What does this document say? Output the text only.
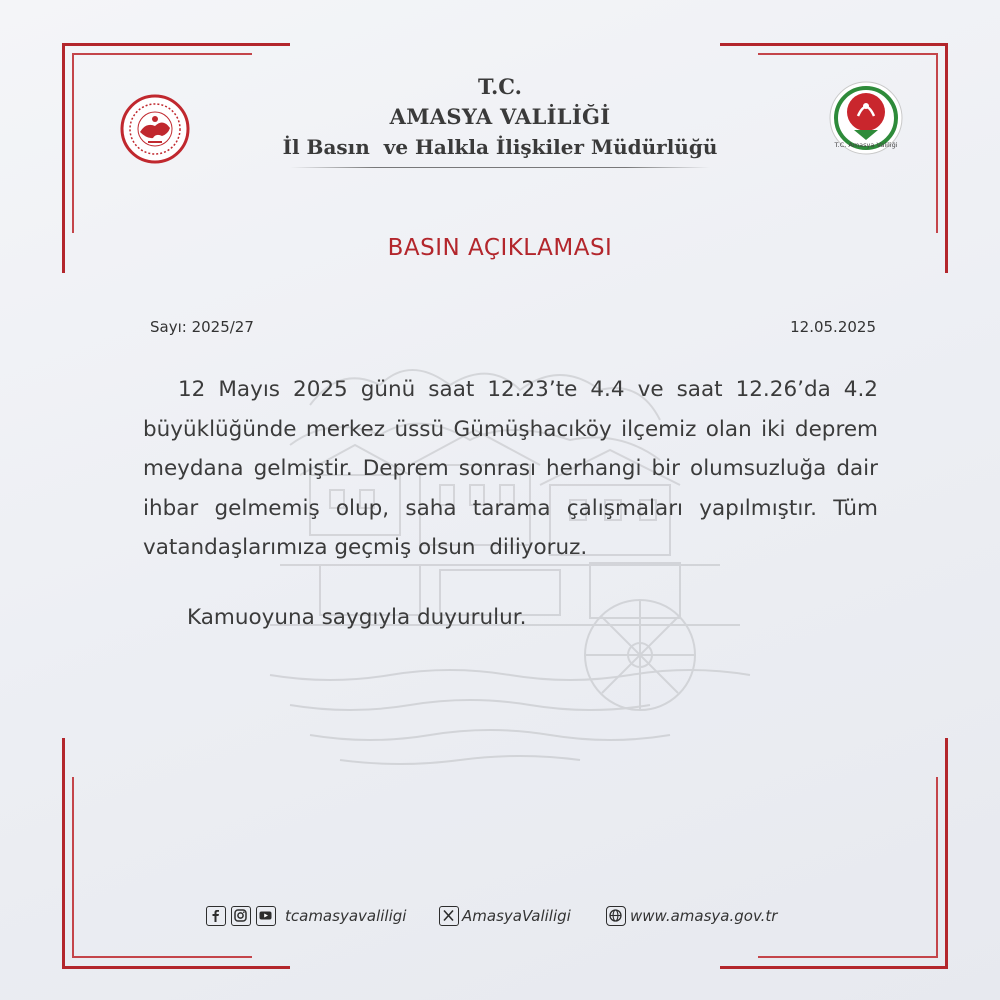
T.C. Amasya Valiliği
T.C.
AMASYA VALİLİĞİ
İl Basın  ve Halkla İlişkiler Müdürlüğü
BASIN AÇIKLAMASI
Sayı: 2025/27	12.05.2025

12 Mayıs 2025 günü saat 12.23’te 4.4 ve saat 12.26’da 4.2 büyüklüğünde merkez üssü Gümüşhacıköy ilçemiz olan iki deprem meydana gelmiştir. Deprem sonrası herhangi bir olumsuzluğa dair ihbar gelmemiş olup, saha tarama çalışmaları yapılmıştır. Tüm vatandaşlarımıza geçmiş olsun  diliyoruz.

Kamuoyuna saygıyla duyurulur.
tcamasyavaliligi	AmasyaValiligi	www.amasya.gov.tr
